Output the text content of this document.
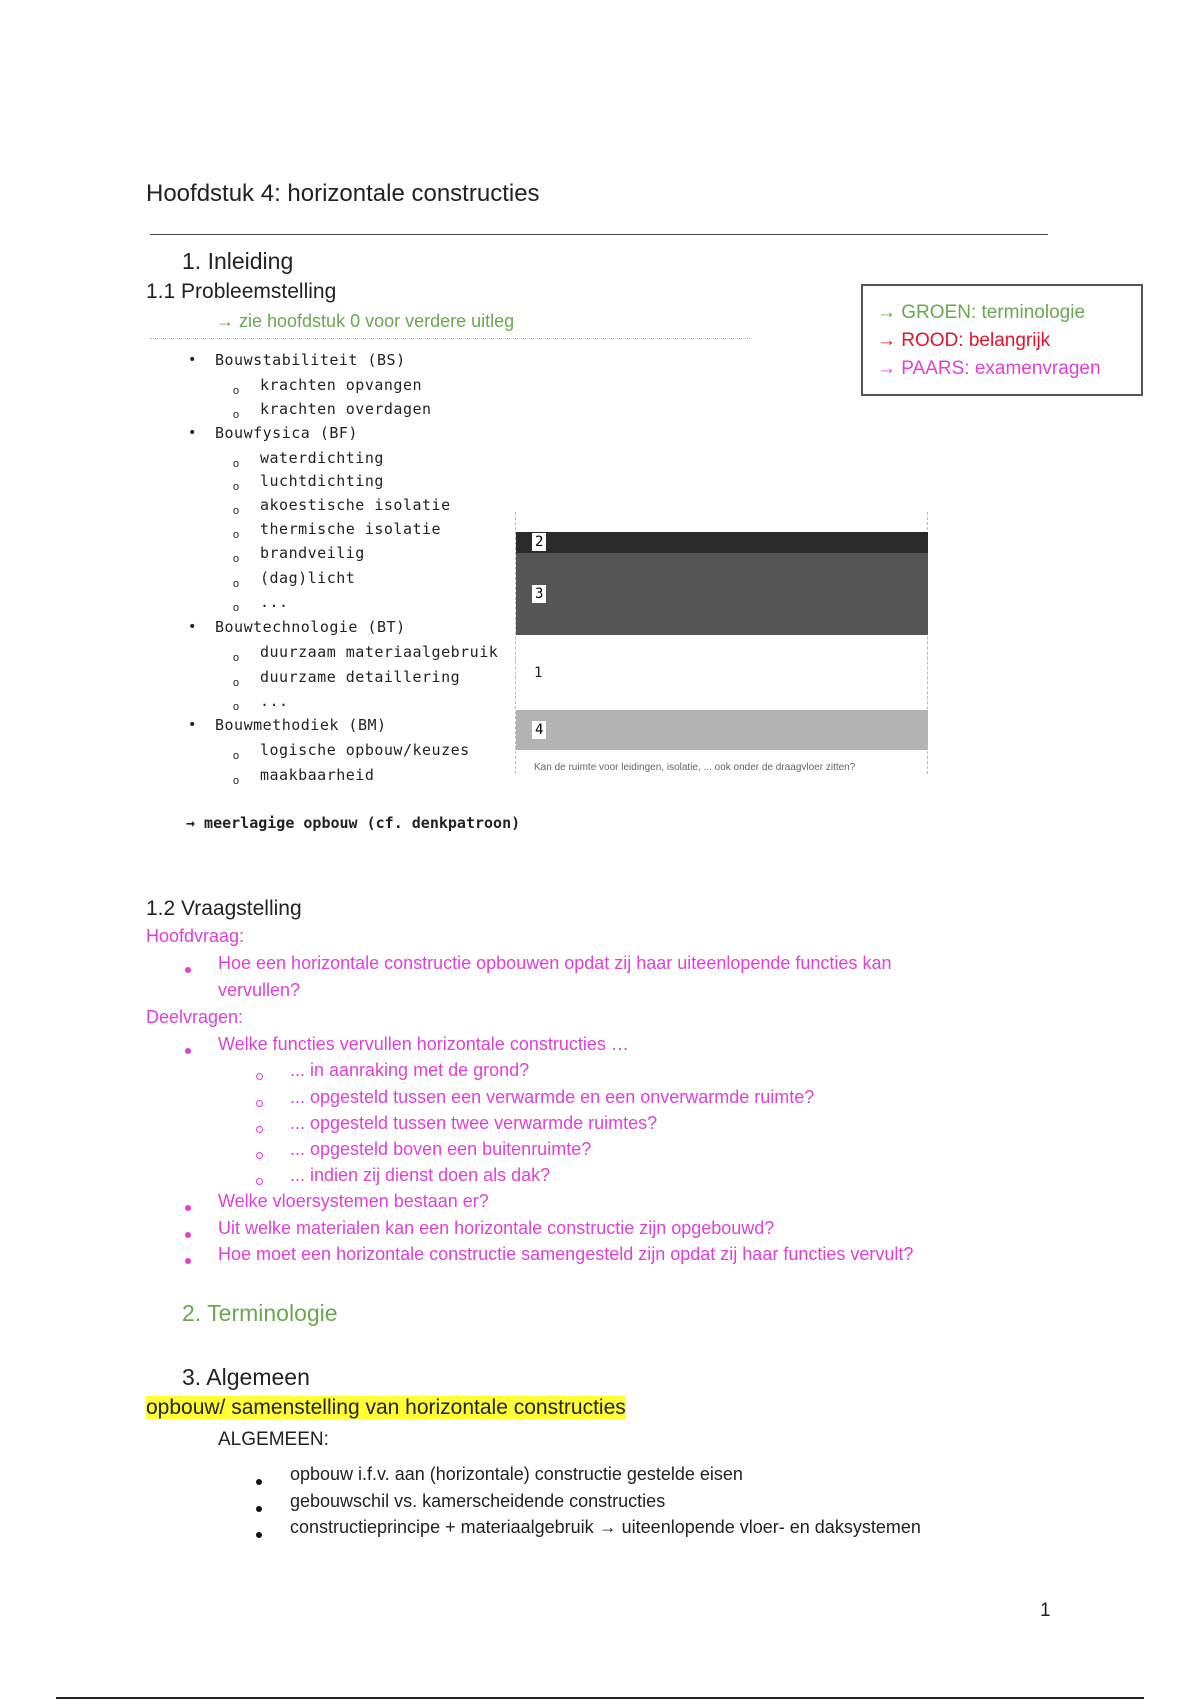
Hoofdstuk 4: horizontale constructies
→ GROEN: terminologie
→ ROOD: belangrijk
→ PAARS: examenvragen
1. Inleiding
1.1 Probleemstelling
→ zie hoofdstuk 0 voor verdere uitleg
• Bouwstabiliteit (BS)
o krachten opvangen
o krachten overdagen
• Bouwfysica (BF)
o waterdichting
o luchtdichting
o akoestische isolatie
o thermische isolatie
o brandveilig
o (dag)licht
o ...
• Bouwtechnologie (BT)
o duurzaam materiaalgebruik
o duurzame detaillering
o ...
• Bouwmethodiek (BM)
o logische opbouw/keuzes
o maakbaarheid
→ meerlagige opbouw (cf. denkpatroon)
2
3
1
4
Kan de ruimte voor leidingen, isolatie, ... ook onder de draagvloer zitten?
1.2 Vraagstelling
Hoofdvraag:
Hoe een horizontale constructie opbouwen opdat zij haar uiteenlopende functies kan
vervullen?
Deelvragen:
Welke functies vervullen horizontale constructies …
... in aanraking met de grond?
... opgesteld tussen een verwarmde en een onverwarmde ruimte?
... opgesteld tussen twee verwarmde ruimtes?
... opgesteld boven een buitenruimte?
... indien zij dienst doen als dak?
Welke vloersystemen bestaan er?
Uit welke materialen kan een horizontale constructie zijn opgebouwd?
Hoe moet een horizontale constructie samengesteld zijn opdat zij haar functies vervult?
2. Terminologie
3. Algemeen
opbouw/ samenstelling van horizontale constructies
ALGEMEEN:
opbouw i.f.v. aan (horizontale) constructie gestelde eisen
gebouwschil vs. kamerscheidende constructies
constructieprincipe + materiaalgebruik → uiteenlopende vloer- en daksystemen
1
